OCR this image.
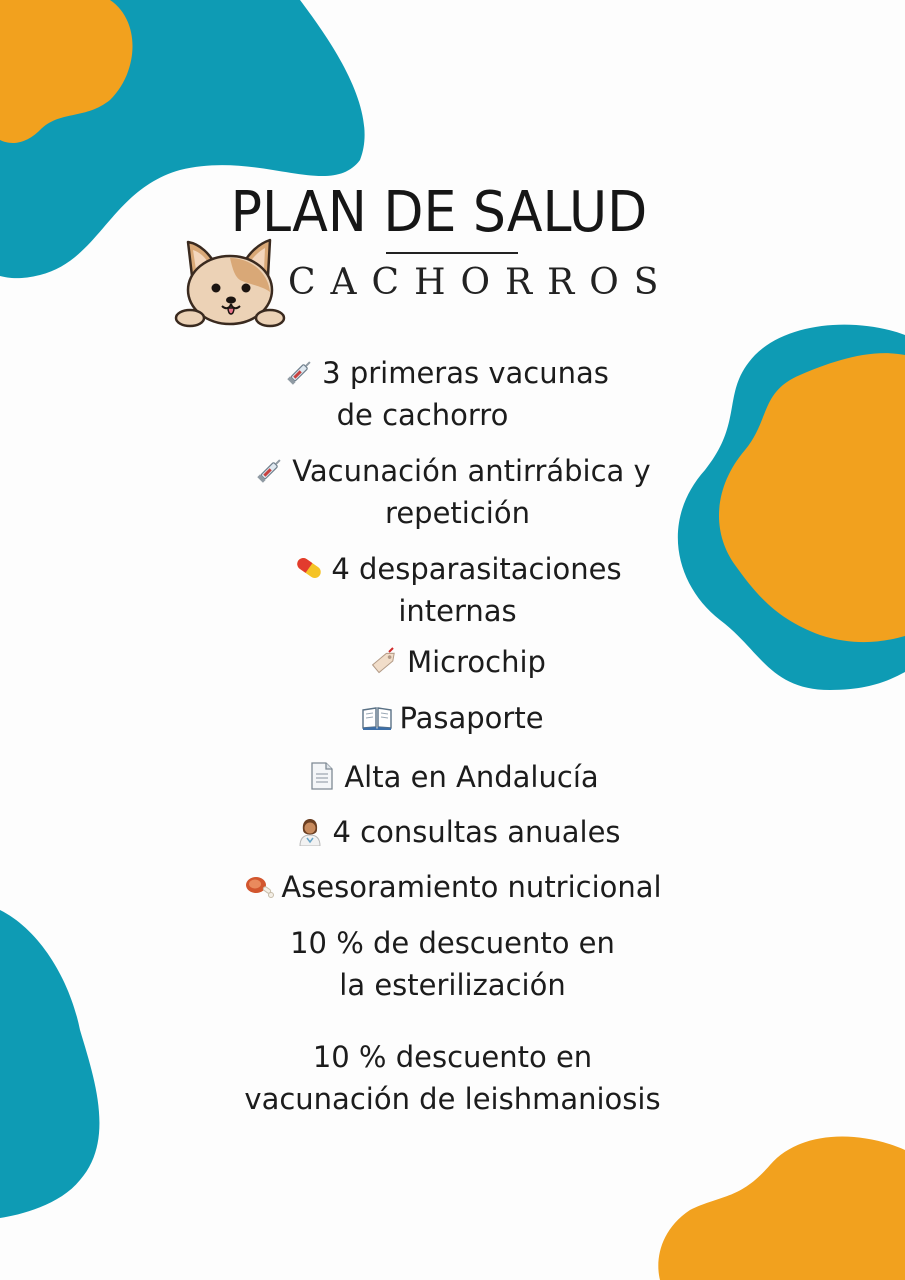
PLAN DE SALUD
CACHORROS
3 primeras vacunas
de cachorro
Vacunación antirrábica y
repetición
4 desparasitaciones
internas
Microchip
Pasaporte
Alta en Andalucía
4 consultas anuales
Asesoramiento nutricional
10 % de descuento en
la esterilización
10 % descuento en
vacunación de leishmaniosis
